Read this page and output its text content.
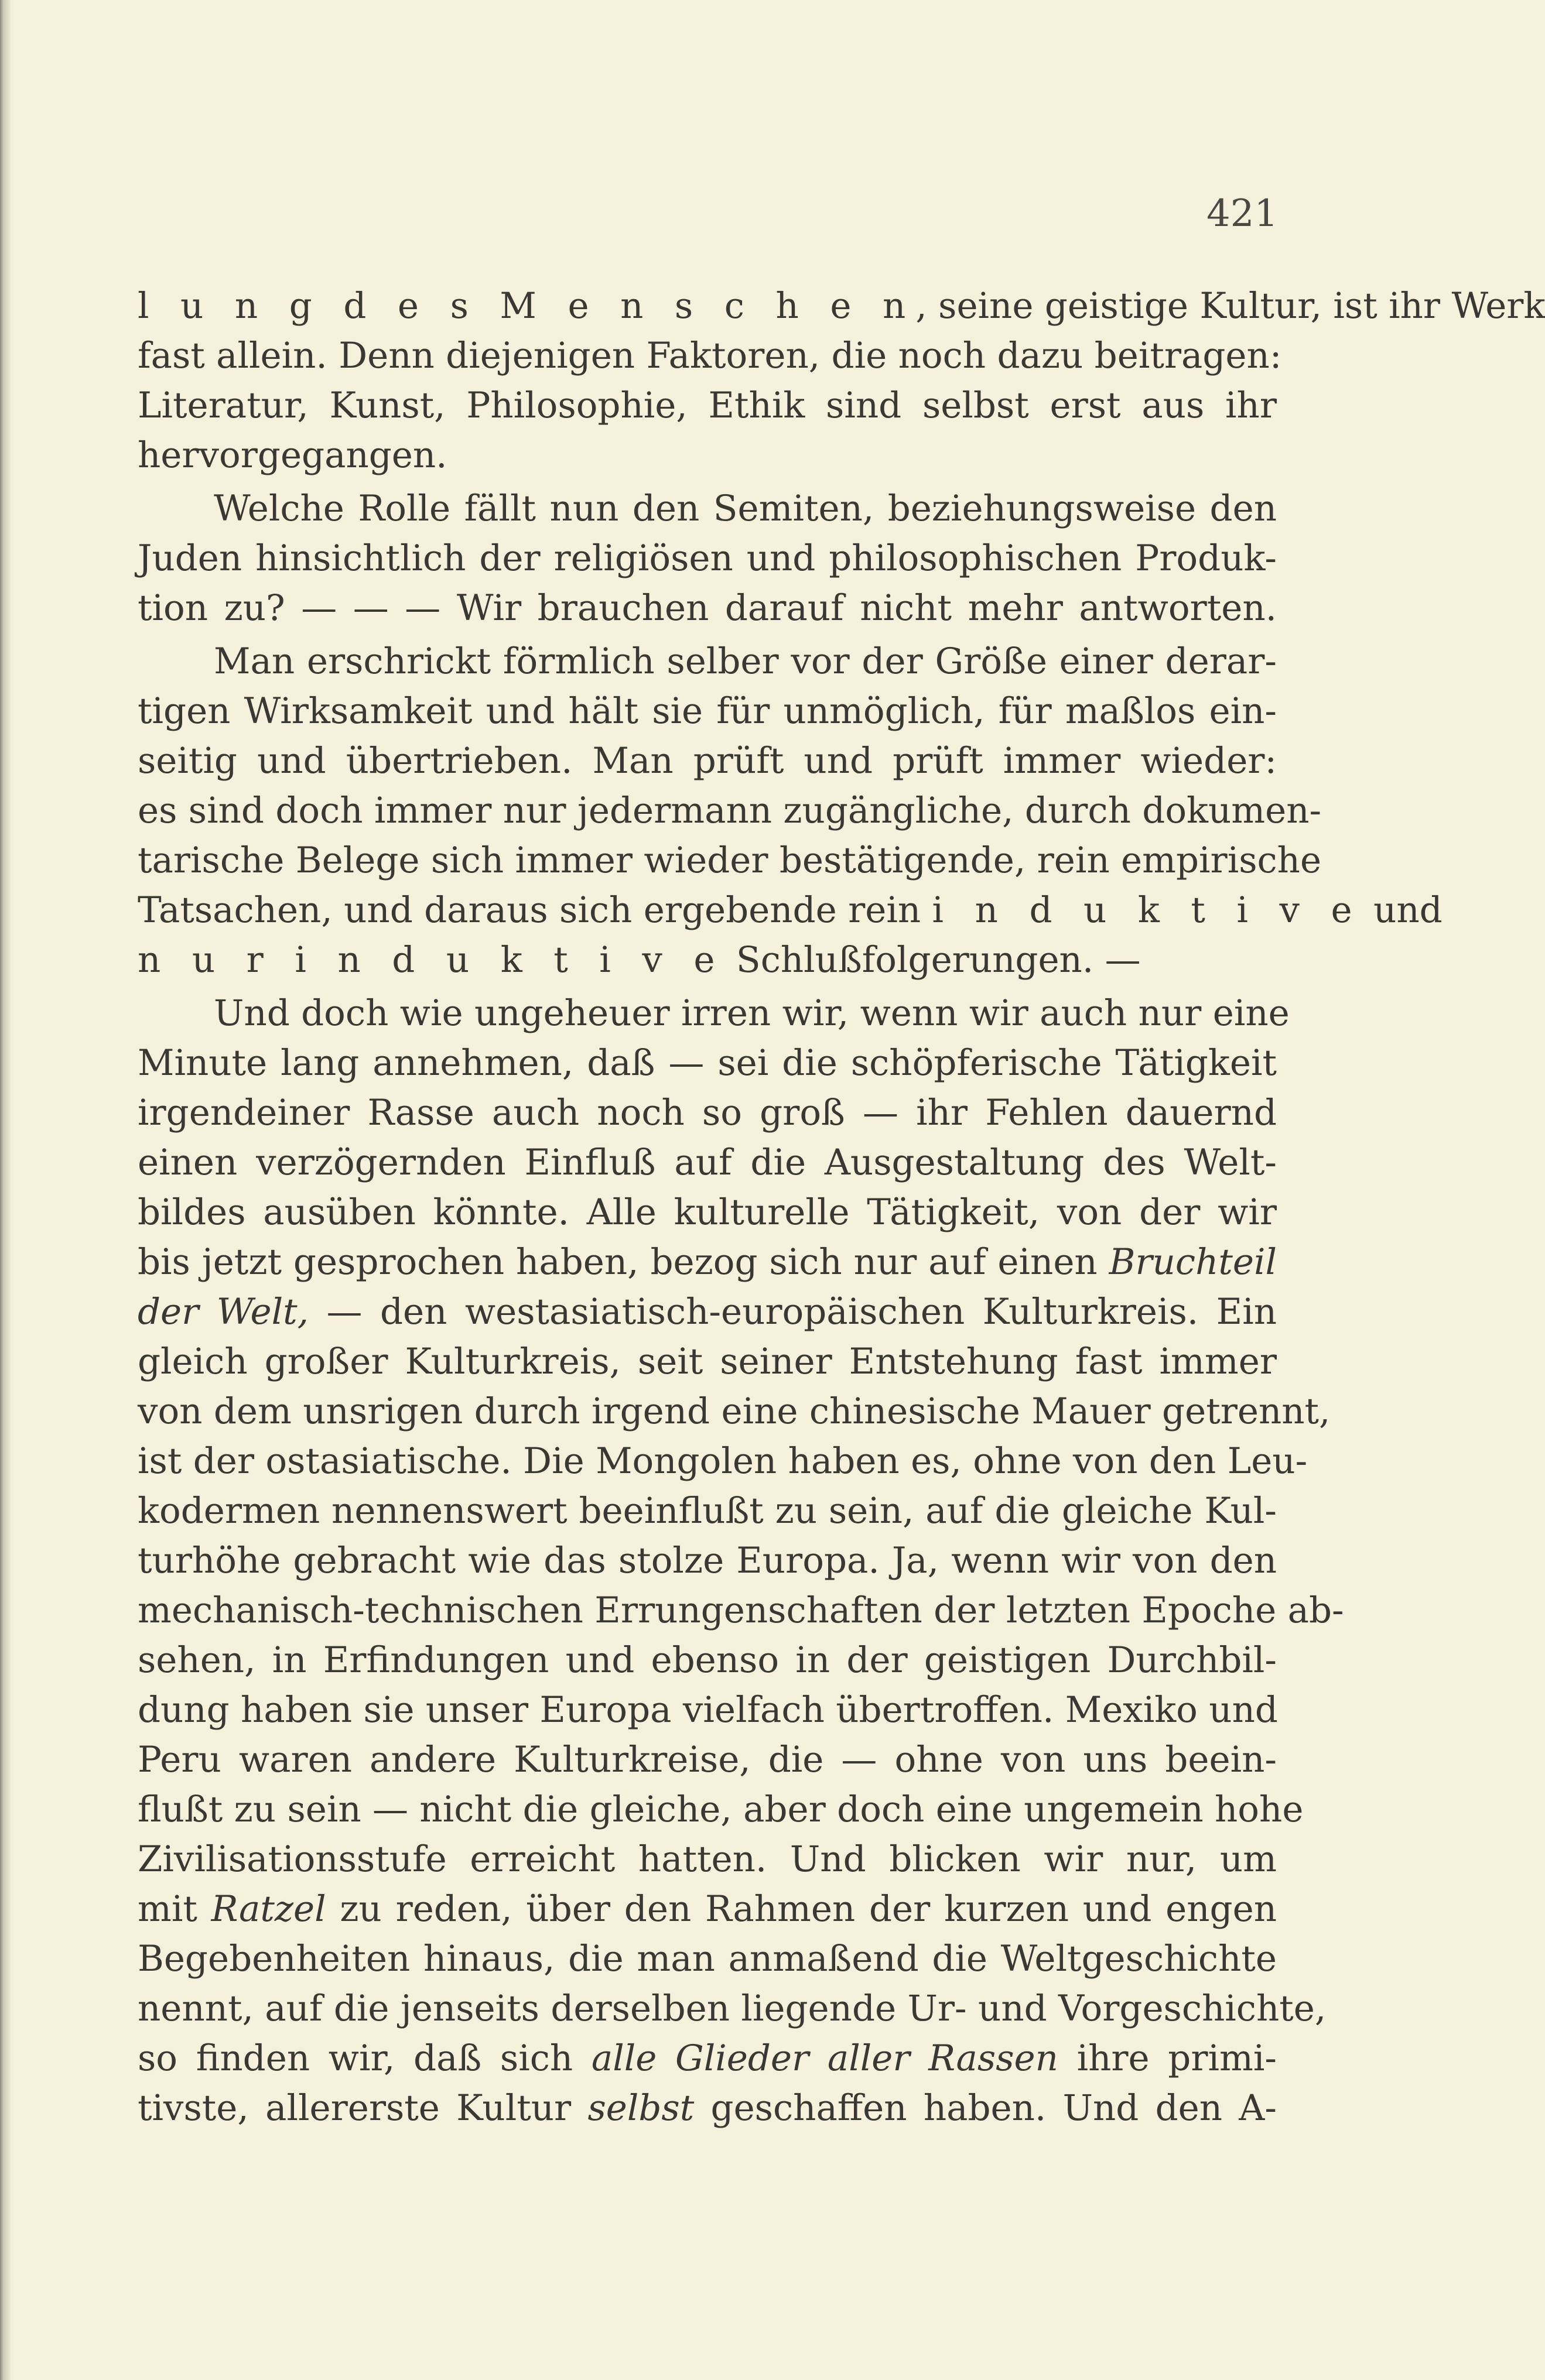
421
l u n g d e s M e n s c h e n, seine geistige Kultur, ist ihr Werk
fast allein. Denn diejenigen Faktoren, die noch dazu beitragen:
Literatur, Kunst, Philosophie, Ethik sind selbst erst aus ihr
hervorgegangen.
Welche Rolle fällt nun den Semiten, beziehungsweise den
Juden hinsichtlich der religiösen und philosophischen Produk-
tion zu? — — — Wir brauchen darauf nicht mehr antworten.
Man erschrickt förmlich selber vor der Größe einer derar-
tigen Wirksamkeit und hält sie für unmöglich, für maßlos ein-
seitig und übertrieben. Man prüft und prüft immer wieder:
es sind doch immer nur jedermann zugängliche, durch dokumen-
tarische Belege sich immer wieder bestätigende, rein empirische
Tatsachen, und daraus sich ergebende rein i n d u k t i v e und
n u r i n d u k t i v e Schlußfolgerungen. —
Und doch wie ungeheuer irren wir, wenn wir auch nur eine
Minute lang annehmen, daß — sei die schöpferische Tätigkeit
irgendeiner Rasse auch noch so groß — ihr Fehlen dauernd
einen verzögernden Einfluß auf die Ausgestaltung des Welt-
bildes ausüben könnte. Alle kulturelle Tätigkeit, von der wir
bis jetzt gesprochen haben, bezog sich nur auf einen Bruchteil
der Welt, — den westasiatisch-europäischen Kulturkreis. Ein
gleich großer Kulturkreis, seit seiner Entstehung fast immer
von dem unsrigen durch irgend eine chinesische Mauer getrennt,
ist der ostasiatische. Die Mongolen haben es, ohne von den Leu-
kodermen nennenswert beeinflußt zu sein, auf die gleiche Kul-
turhöhe gebracht wie das stolze Europa. Ja, wenn wir von den
mechanisch-technischen Errungenschaften der letzten Epoche ab-
sehen, in Erfindungen und ebenso in der geistigen Durchbil-
dung haben sie unser Europa vielfach übertroffen. Mexiko und
Peru waren andere Kulturkreise, die — ohne von uns beein-
flußt zu sein — nicht die gleiche, aber doch eine ungemein hohe
Zivilisationsstufe erreicht hatten. Und blicken wir nur, um
mit Ratzel zu reden, über den Rahmen der kurzen und engen
Begebenheiten hinaus, die man anmaßend die Weltgeschichte
nennt, auf die jenseits derselben liegende Ur- und Vorgeschichte,
so finden wir, daß sich alle Glieder aller Rassen ihre primi-
tivste, allererste Kultur selbst geschaffen haben. Und den A-
